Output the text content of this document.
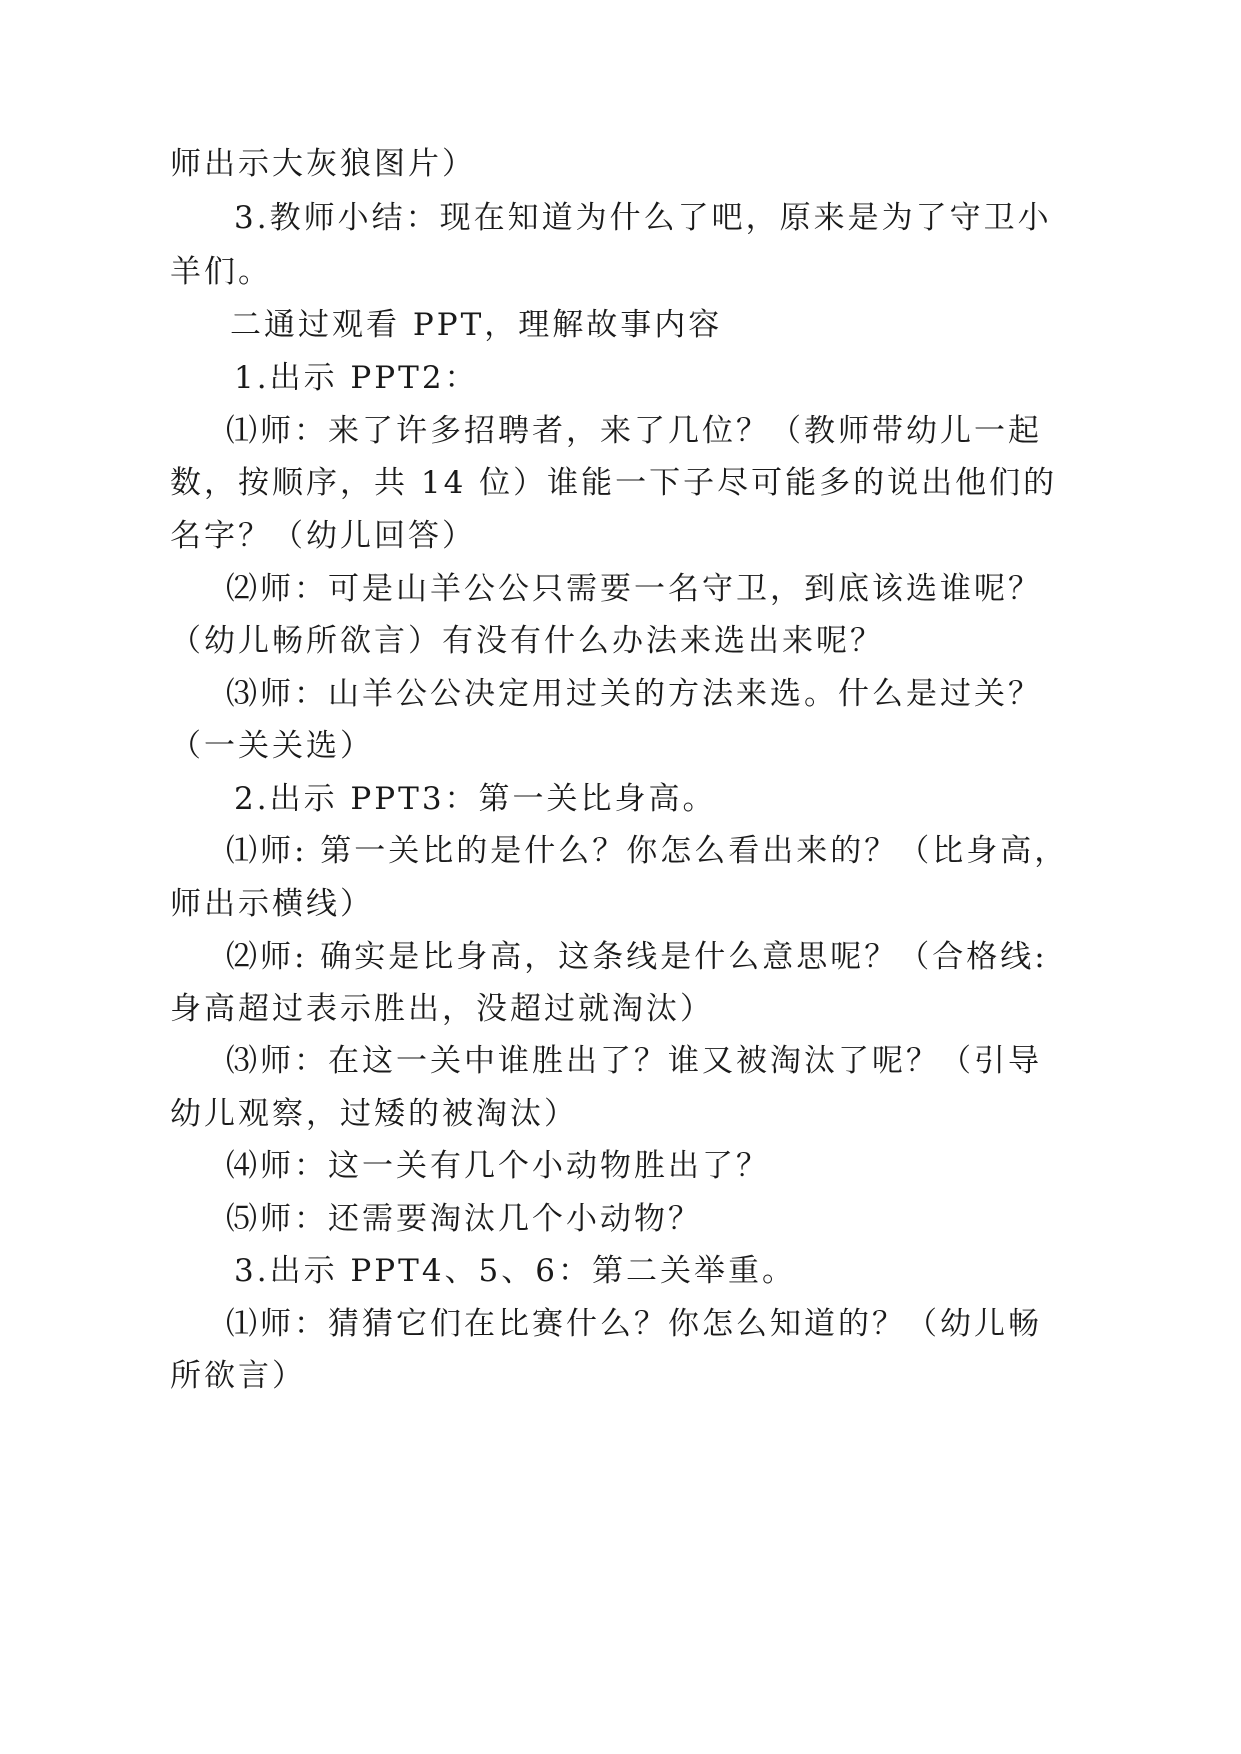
师出示大灰狼图片）
3.教师小结：现在知道为什么了吧，原来是为了守卫小
羊们。
二通过观看 PPT，理解故事内容
1.出示 PPT2：
⑴师：来了许多招聘者，来了几位？（教师带幼儿一起
数，按顺序，共 14 位）谁能一下子尽可能多的说出他们的
名字？（幼儿回答）
⑵师：可是山羊公公只需要一名守卫，到底该选谁呢？
（幼儿畅所欲言）有没有什么办法来选出来呢？
⑶师：山羊公公决定用过关的方法来选。什么是过关？
（一关关选）
2.出示 PPT3：第一关比身高。
⑴师: 第一关比的是什么？你怎么看出来的？（比身高，
师出示横线）
⑵师: 确实是比身高，这条线是什么意思呢？（合格线:
身高超过表示胜出，没超过就淘汰）
⑶师：在这一关中谁胜出了？谁又被淘汰了呢？（引导
幼儿观察，过矮的被淘汰）
⑷师：这一关有几个小动物胜出了？
⑸师：还需要淘汰几个小动物？
3.出示 PPT4、5、6：第二关举重。
⑴师：猜猜它们在比赛什么？你怎么知道的？（幼儿畅
所欲言）
